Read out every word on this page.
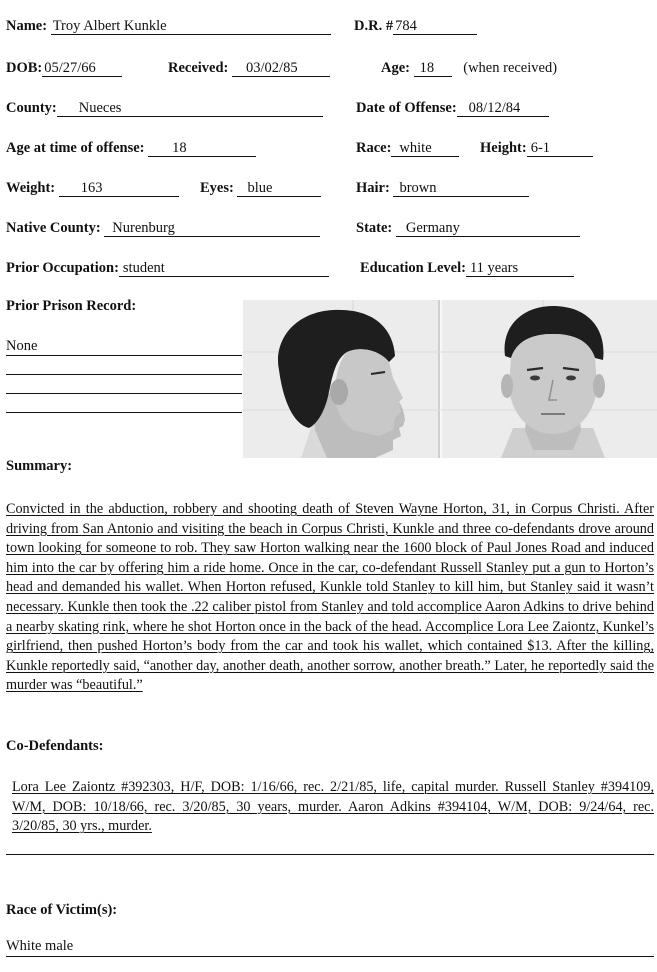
Name: Troy Albert Kunkle	D.R. # 784
DOB: 05/27/66	Received: 03/02/85	Age: 18 (when received)
County: Nueces	Date of Offense: 08/12/84
Age at time of offense: 18	Race: white	Height: 6-1
Weight: 163	Eyes: blue	Hair: brown
Native County: Nurenburg	State: Germany
Prior Occupation: student	Education Level: 11 years
Prior Prison Record:
None
Summary:
Convicted in the abduction, robbery and shooting death of Steven Wayne Horton, 31, in Corpus Christi. After driving from San Antonio and visiting the beach in Corpus Christi, Kunkle and three co-defendants drove around town looking for someone to rob. They saw Horton walking near the 1600 block of Paul Jones Road and induced him into the car by offering him a ride home. Once in the car, co-defendant Russell Stanley put a gun to Horton’s head and demanded his wallet. When Horton refused, Kunkle told Stanley to kill him, but Stanley said it wasn’t necessary. Kunkle then took the .22 caliber pistol from Stanley and told accomplice Aaron Adkins to drive behind a nearby skating rink, where he shot Horton once in the back of the head. Accomplice Lora Lee Zaiontz, Kunkel’s girlfriend, then pushed Horton’s body from the car and took his wallet, which contained $13. After the killing, Kunkle reportedly said, “another day, another death, another sorrow, another breath.” Later, he reportedly said the murder was “beautiful.”
Co-Defendants:
Lora Lee Zaiontz #392303, H/F, DOB: 1/16/66, rec. 2/21/85, life, capital murder. Russell Stanley #394109, W/M, DOB: 10/18/66, rec. 3/20/85, 30 years, murder. Aaron Adkins #394104, W/M, DOB: 9/24/64, rec. 3/20/85, 30 yrs., murder.
Race of Victim(s):
White male
